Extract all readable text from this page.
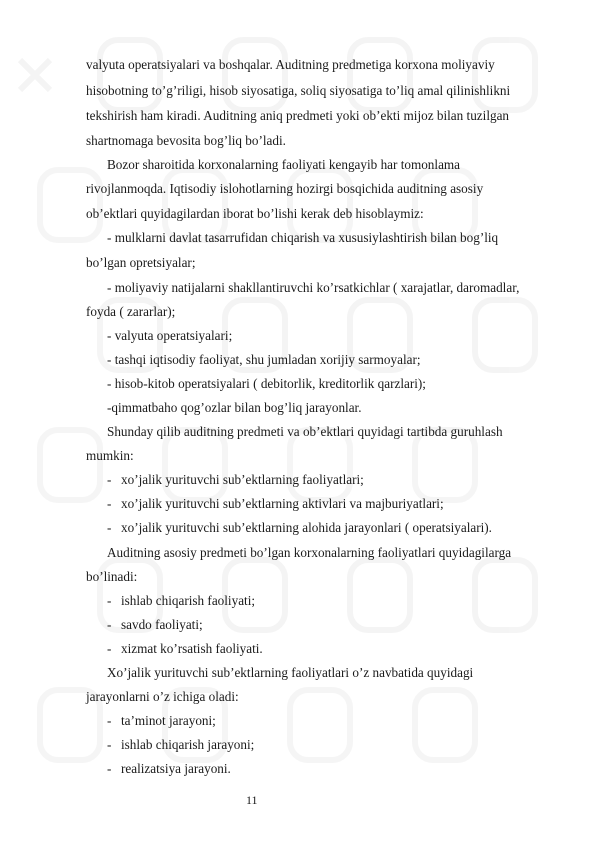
valyuta operatsiyalari va boshqalar. Auditning predmetiga korxona moliyaviy
hisobotning to’g’riligi, hisob siyosatiga, soliq siyosatiga to’liq amal qilinishlikni
tekshirish ham kiradi. Auditning aniq predmeti yoki ob’ekti mijoz bilan tuzilgan
shartnomaga bevosita bog’liq bo’ladi.
Bozor sharoitida korxonalarning faoliyati kengayib har tomonlama
rivojlanmoqda. Iqtisodiy islohotlarning hozirgi bosqichida auditning asosiy
ob’ektlari quyidagilardan iborat bo’lishi kerak deb hisoblaymiz:
- mulklarni davlat tasarrufidan chiqarish va xususiylashtirish bilan bog’liq
bo’lgan opretsiyalar;
- moliyaviy natijalarni shakllantiruvchi ko’rsatkichlar ( xarajatlar, daromadlar,
foyda ( zararlar);
- valyuta operatsiyalari;
- tashqi iqtisodiy faoliyat, shu jumladan xorijiy sarmoyalar;
- hisob-kitob operatsiyalari ( debitorlik, kreditorlik qarzlari);
-qimmatbaho qog’ozlar bilan bog’liq jarayonlar.
Shunday qilib auditning predmeti va ob’ektlari quyidagi tartibda guruhlash
mumkin:
- xo’jalik yurituvchi sub’ektlarning faoliyatlari;
- xo’jalik yurituvchi sub’ektlarning aktivlari va majburiyatlari;
- xo’jalik yurituvchi sub’ektlarning alohida jarayonlari ( operatsiyalari).
Auditning asosiy predmeti bo’lgan korxonalarning faoliyatlari quyidagilarga
bo’linadi:
- ishlab chiqarish faoliyati;
- savdo faoliyati;
- xizmat ko’rsatish faoliyati.
Xo’jalik yurituvchi sub’ektlarning faoliyatlari o’z navbatida quyidagi
jarayonlarni o’z ichiga oladi:
- ta’minot jarayoni;
- ishlab chiqarish jarayoni;
- realizatsiya jarayoni.
11
